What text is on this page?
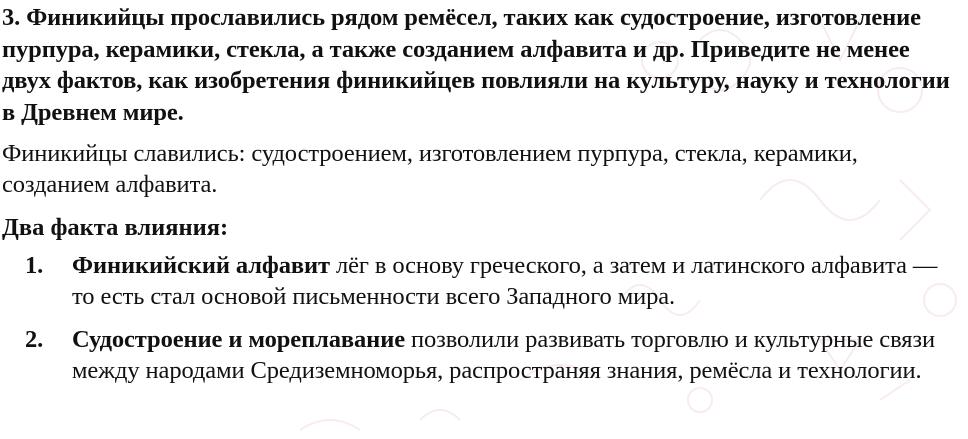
3. Финикийцы прославились рядом ремёсел, таких как судостроение, изготовление пурпура, керамики, стекла, а также созданием алфавита и др. Приведите не менее двух фактов, как изобретения финикийцев повлияли на культуру, науку и технологии в Древнем мире.

Финикийцы славились: судостроением, изготовлением пурпура, стекла, керамики, созданием алфавита.

Два факта влияния:

1. Финикийский алфавит лёг в основу греческого, а затем и латинского алфавита — то есть стал основой письменности всего Западного мира.
2. Судостроение и мореплавание позволили развивать торговлю и культурные связи между народами Средиземноморья, распространяя знания, ремёсла и технологии.
